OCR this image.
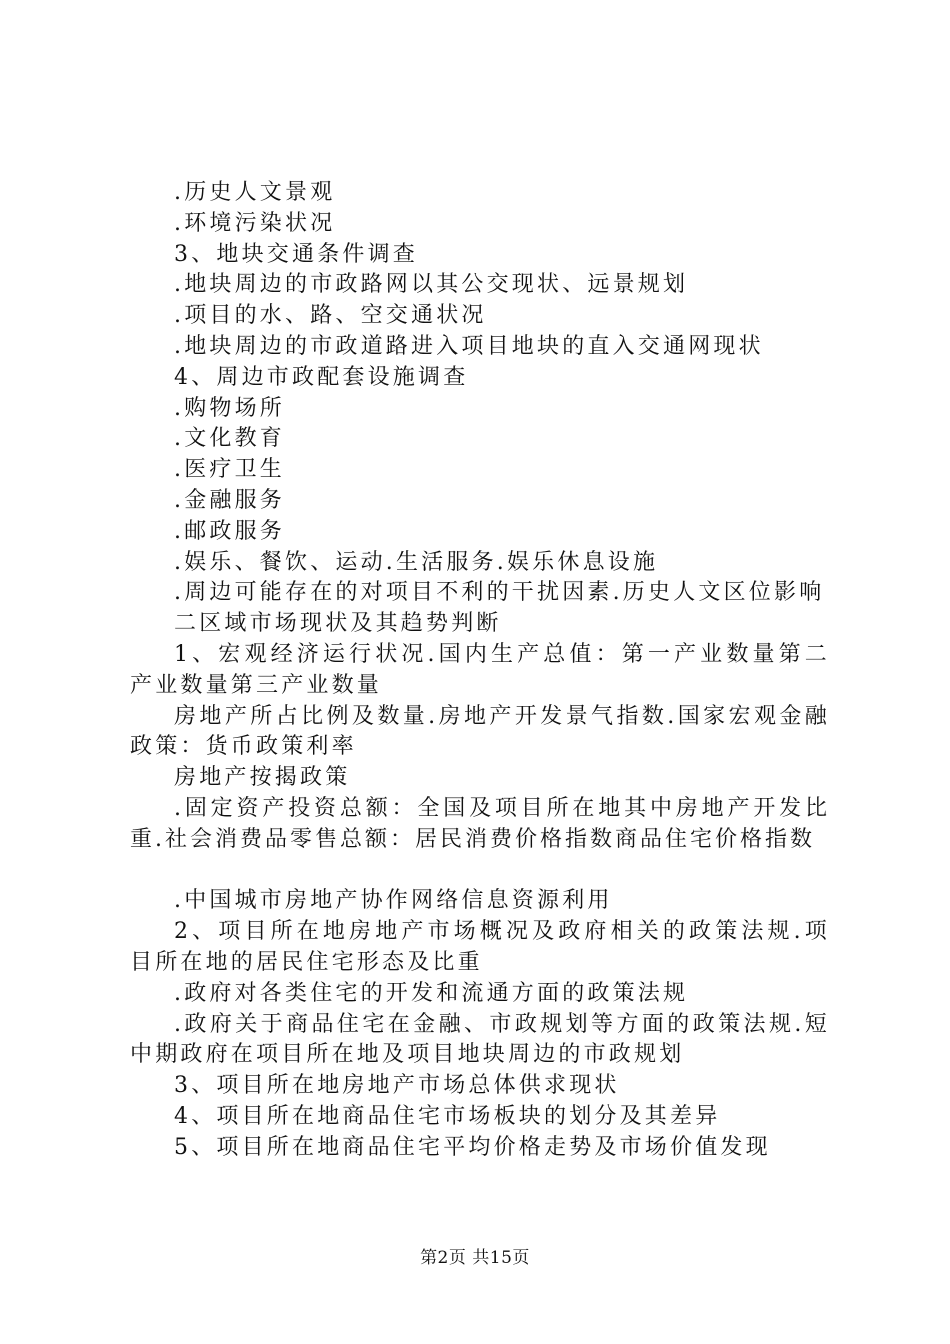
.历史人文景观

.环境污染状况

3、地块交通条件调查

.地块周边的市政路网以其公交现状、远景规划

.项目的水、路、空交通状况

.地块周边的市政道路进入项目地块的直入交通网现状

4、周边市政配套设施调查

.购物场所

.文化教育

.医疗卫生

.金融服务

.邮政服务

.娱乐、餐饮、运动.生活服务.娱乐休息设施

.周边可能存在的对项目不利的干扰因素.历史人文区位影响

二区域市场现状及其趋势判断

1、宏观经济运行状况.国内生产总值：第一产业数量第二产业数量第三产业数量

房地产所占比例及数量.房地产开发景气指数.国家宏观金融政策：货币政策利率

房地产按揭政策

.固定资产投资总额：全国及项目所在地其中房地产开发比重.社会消费品零售总额：居民消费价格指数商品住宅价格指数

.中国城市房地产协作网络信息资源利用

2、项目所在地房地产市场概况及政府相关的政策法规.项目所在地的居民住宅形态及比重

.政府对各类住宅的开发和流通方面的政策法规

.政府关于商品住宅在金融、市政规划等方面的政策法规.短中期政府在项目所在地及项目地块周边的市政规划

3、项目所在地房地产市场总体供求现状

4、项目所在地商品住宅市场板块的划分及其差异

5、项目所在地商品住宅平均价格走势及市场价值发现

第2页 共15页
